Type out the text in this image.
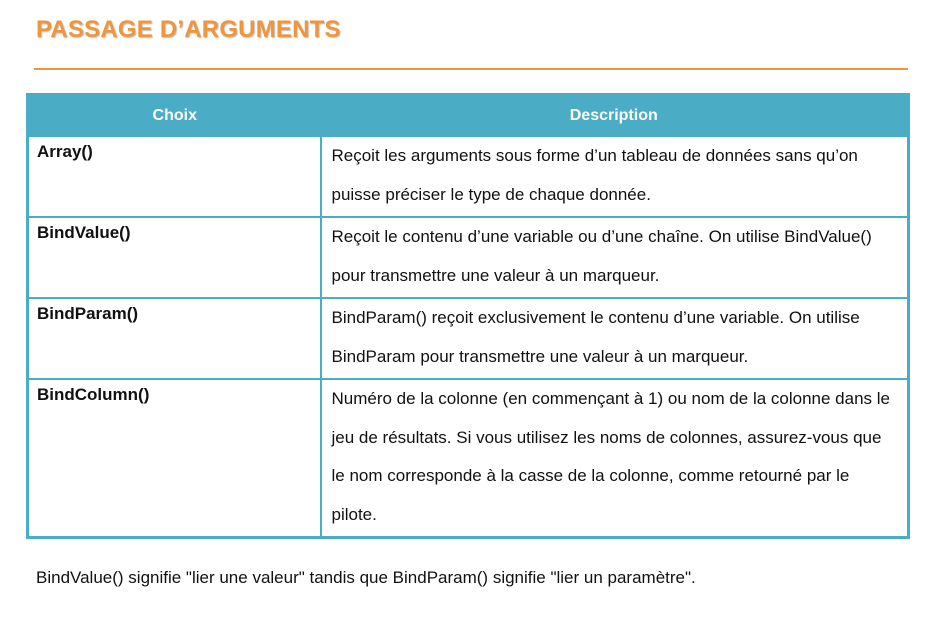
PASSAGE D’ARGUMENTS
Choix	Description
Array()	Reçoit les arguments sous forme d’un tableau de données sans qu’on puisse préciser le type de chaque donnée.
BindValue()	Reçoit le contenu d’une variable ou d’une chaîne. On utilise BindValue() pour transmettre une valeur à un marqueur.
BindParam()	BindParam() reçoit exclusivement le contenu d’une variable. On utilise BindParam pour transmettre une valeur à un marqueur.
BindColumn()	Numéro de la colonne (en commençant à 1) ou nom de la colonne dans le jeu de résultats. Si vous utilisez les noms de colonnes, assurez-vous que le nom corresponde à la casse de la colonne, comme retourné par le pilote.

BindValue() signifie "lier une valeur" tandis que BindParam() signifie "lier un paramètre".
